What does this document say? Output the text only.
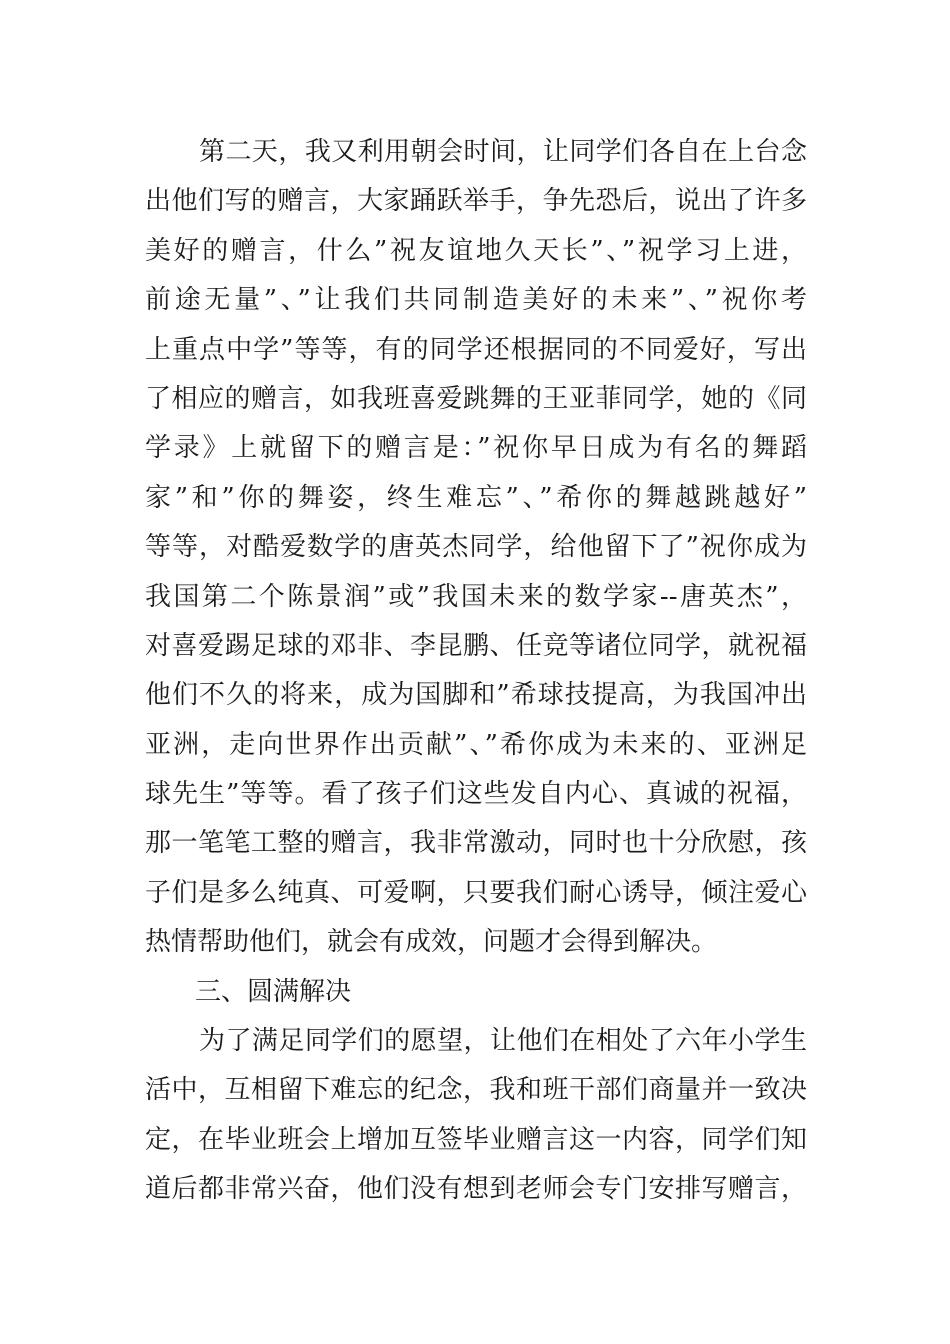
第二天，我又利用朝会时间，让同学们各自在上台念
出他们写的赠言，大家踊跃举手，争先恐后，说出了许多
美好的赠言，什么”祝友谊地久天长”、”祝学习上进，
前途无量”、”让我们共同制造美好的未来”、”祝你考
上重点中学”等等，有的同学还根据同的不同爱好，写出
了相应的赠言，如我班喜爱跳舞的王亚菲同学，她的《同
学录》上就留下的赠言是：”祝你早日成为有名的舞蹈
家”和”你的舞姿，终生难忘”、”希你的舞越跳越好”
等等，对酷爱数学的唐英杰同学，给他留下了”祝你成为
我国第二个陈景润”或”我国未来的数学家--唐英杰”，
对喜爱踢足球的邓非、李昆鹏、任竞等诸位同学，就祝福
他们不久的将来，成为国脚和”希球技提高，为我国冲出
亚洲，走向世界作出贡献”、”希你成为未来的、亚洲足
球先生”等等。看了孩子们这些发自内心、真诚的祝福，
那一笔笔工整的赠言，我非常激动，同时也十分欣慰，孩
子们是多么纯真、可爱啊，只要我们耐心诱导，倾注爱心
热情帮助他们，就会有成效，问题才会得到解决。
三、圆满解决
为了满足同学们的愿望，让他们在相处了六年小学生
活中，互相留下难忘的纪念，我和班干部们商量并一致决
定，在毕业班会上增加互签毕业赠言这一内容，同学们知
道后都非常兴奋，他们没有想到老师会专门安排写赠言，
